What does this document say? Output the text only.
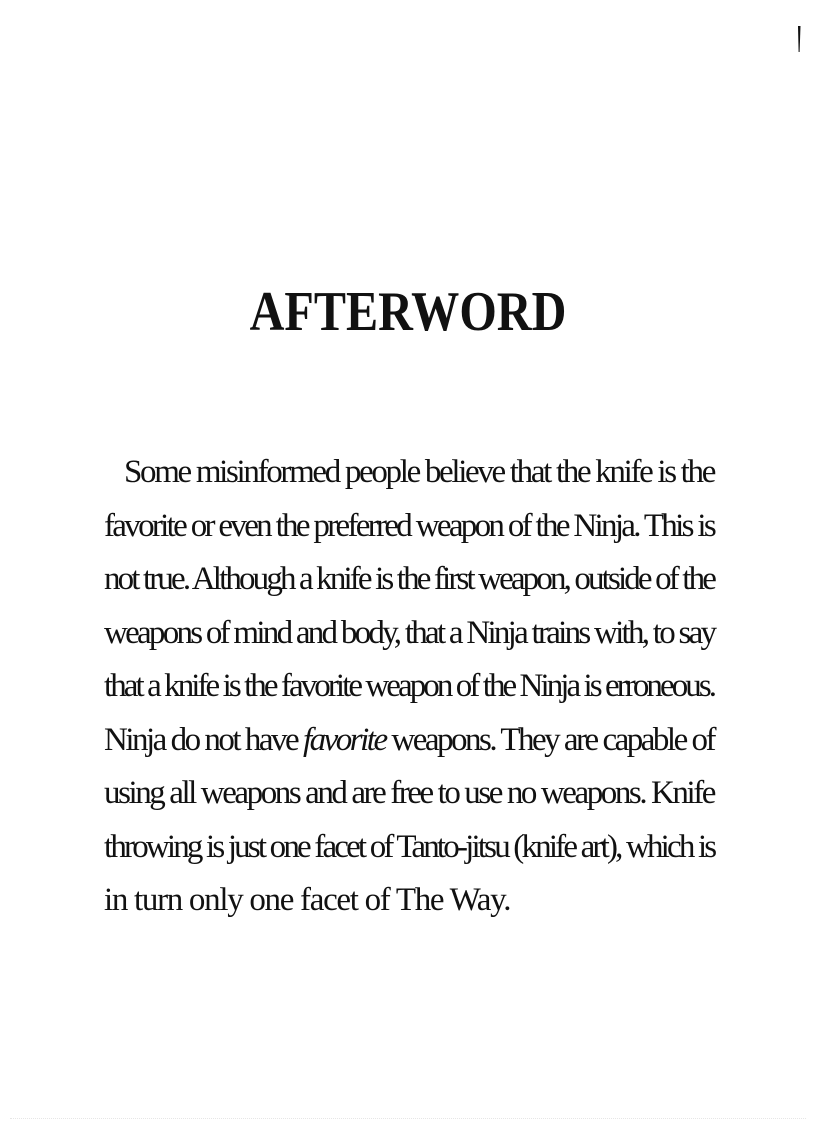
AFTERWORD
Some misinformed people believe that the knife is the
favorite or even the preferred weapon of the Ninja. This is
not true. Although a knife is the first weapon, outside of the
weapons of mind and body, that a Ninja trains with, to say
that a knife is the favorite weapon of the Ninja is erroneous.
Ninja do not have favorite weapons. They are capable of
using all weapons and are free to use no weapons. Knife
throwing is just one facet of Tanto-jitsu (knife art), which is
in turn only one facet of The Way.
